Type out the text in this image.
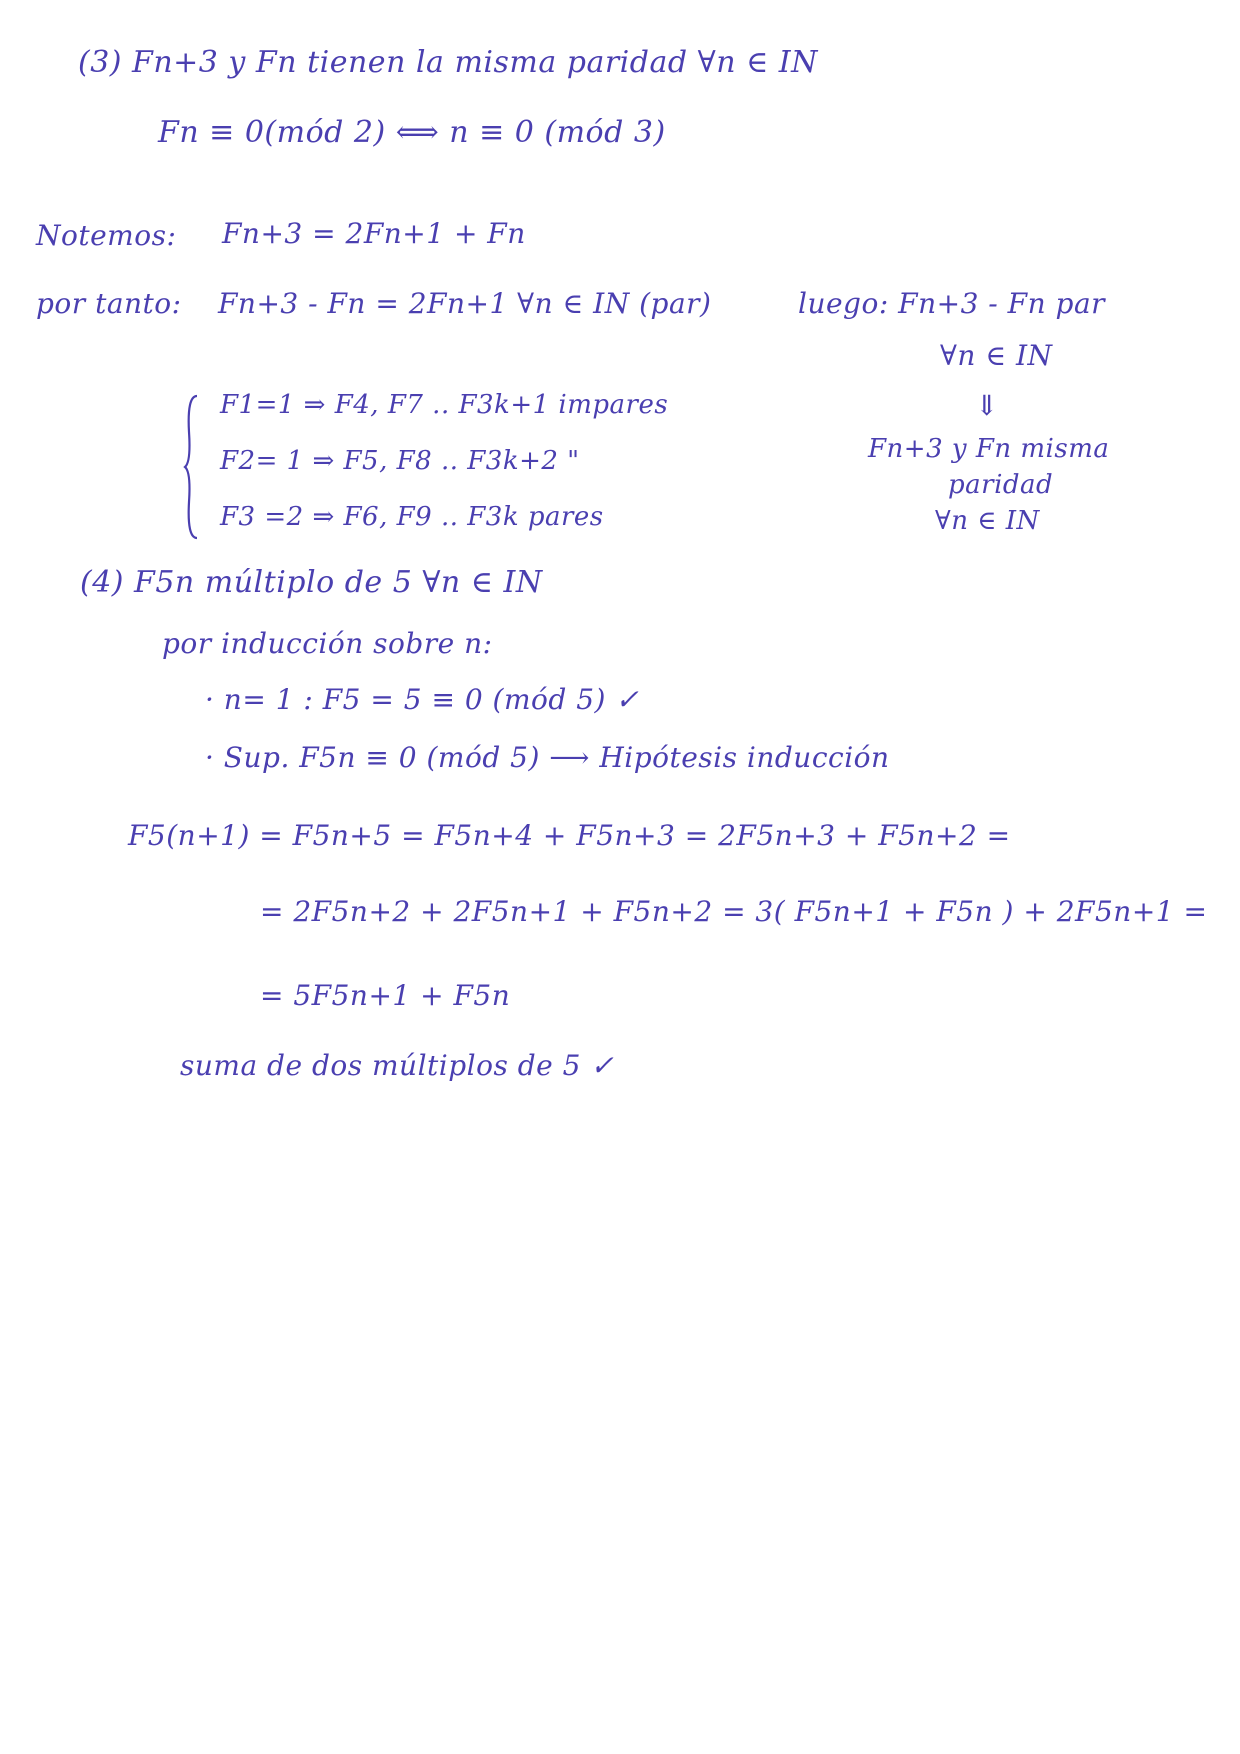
(3) Fn+3 y Fn tienen la misma paridad ∀n ∈ IN
Fn ≡ 0(mód 2) ⟺ n ≡ 0 (mód 3)
Notemos: Fn+3 = 2Fn+1 + Fn
por tanto: Fn+3 - Fn = 2Fn+1 ∀n ∈ IN (par)	luego: Fn+3 - Fn par
∀n ∈ IN
⇓
Fn+3 y Fn misma
paridad
∀n ∈ IN
F1=1 ⇒ F4, F7 .. F3k+1 impares
F2= 1 ⇒ F5, F8 .. F3k+2 "
F3 =2 ⇒ F6, F9 .. F3k pares
(4) F5n múltiplo de 5 ∀n ∈ IN
por inducción sobre n:
· n= 1 : F5 = 5 ≡ 0 (mód 5) ✓
· Sup. F5n ≡ 0 (mód 5) ⟶ Hipótesis inducción
F5(n+1) = F5n+5 = F5n+4 + F5n+3 = 2F5n+3 + F5n+2 =
= 2F5n+2 + 2F5n+1 + F5n+2 = 3( F5n+1 + F5n ) + 2F5n+1 =
= 5F5n+1 + F5n
suma de dos múltiplos de 5 ✓
